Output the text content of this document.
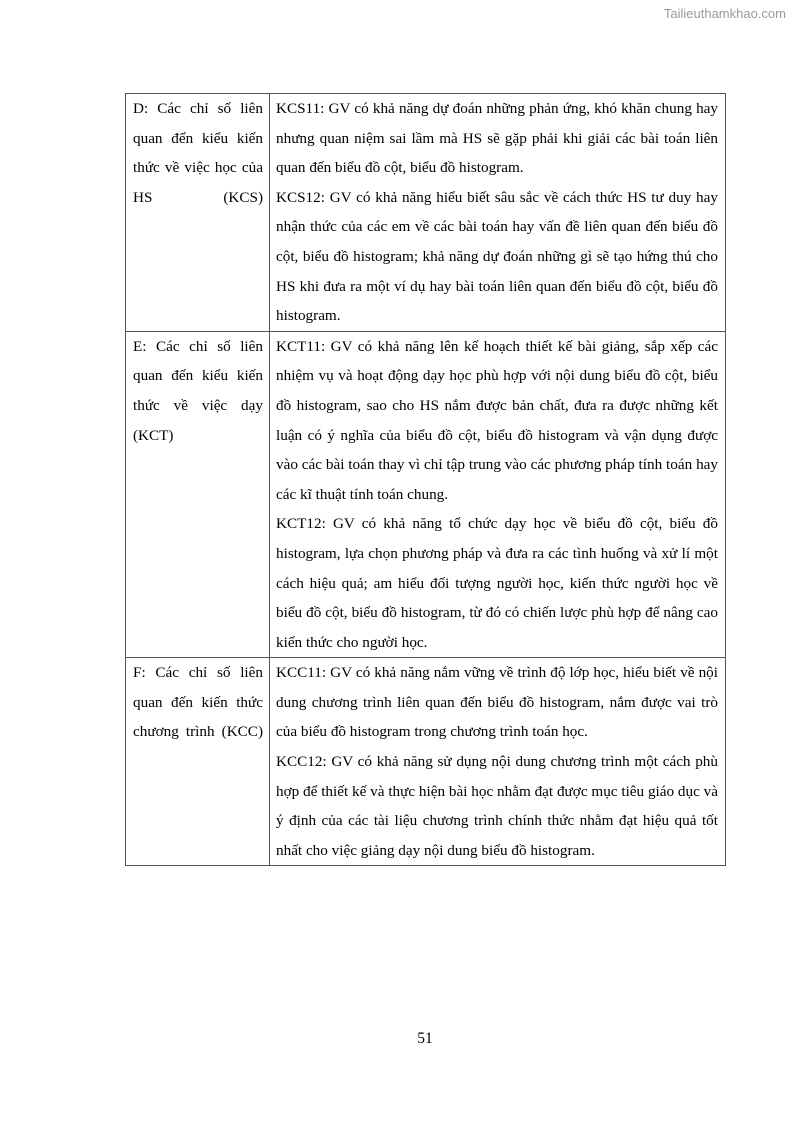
Tailieuthamkhao.com
D: Các chỉ số liên quan đến kiểu kiến thức về việc học của HS (KCS)	KCS11: GV có khả năng dự đoán những phản ứng, khó khăn chung hay nhưng quan niệm sai lầm mà HS sẽ gặp phải khi giải các bài toán liên quan đến biểu đồ cột, biểu đồ histogram.

KCS12: GV có khả năng hiểu biết sâu sắc về cách thức HS tư duy hay nhận thức của các em về các bài toán hay vấn đề liên quan đến biểu đồ cột, biểu đồ histogram; khả năng dự đoán những gì sẽ tạo hứng thú cho HS khi đưa ra một ví dụ hay bài toán liên quan đến biểu đồ cột, biểu đồ histogram.

E: Các chỉ số liên quan đến kiểu kiến thức về việc dạy (KCT)	KCT11: GV có khả năng lên kế hoạch thiết kế bài giảng, sắp xếp các nhiệm vụ và hoạt động dạy học phù hợp với nội dung biểu đồ cột, biểu đồ histogram, sao cho HS nắm được bản chất, đưa ra được những kết luận có ý nghĩa của biểu đồ cột, biểu đồ histogram và vận dụng được vào các bài toán thay vì chỉ tập trung vào các phương pháp tính toán hay các kĩ thuật tính toán chung.

KCT12: GV có khả năng tổ chức dạy học về biểu đồ cột, biểu đồ histogram, lựa chọn phương pháp và đưa ra các tình huống và xử lí một cách hiệu quả; am hiểu đối tượng người học, kiến thức người học về biểu đồ cột, biểu đồ histogram, từ đó có chiến lược phù hợp để nâng cao kiến thức cho người học.

F: Các chỉ số liên quan đến kiến thức chương trình (KCC)	KCC11: GV có khả năng nắm vững về trình độ lớp học, hiểu biết về nội dung chương trình liên quan đến biểu đồ histogram, nắm được vai trò của biểu đồ histogram trong chương trình toán học.

KCC12: GV có khả năng sử dụng nội dung chương trình một cách phù hợp để thiết kế và thực hiện bài học nhằm đạt được mục tiêu giáo dục và ý định của các tài liệu chương trình chính thức nhằm đạt hiệu quả tốt nhất cho việc giảng dạy nội dung biểu đồ histogram.

51
